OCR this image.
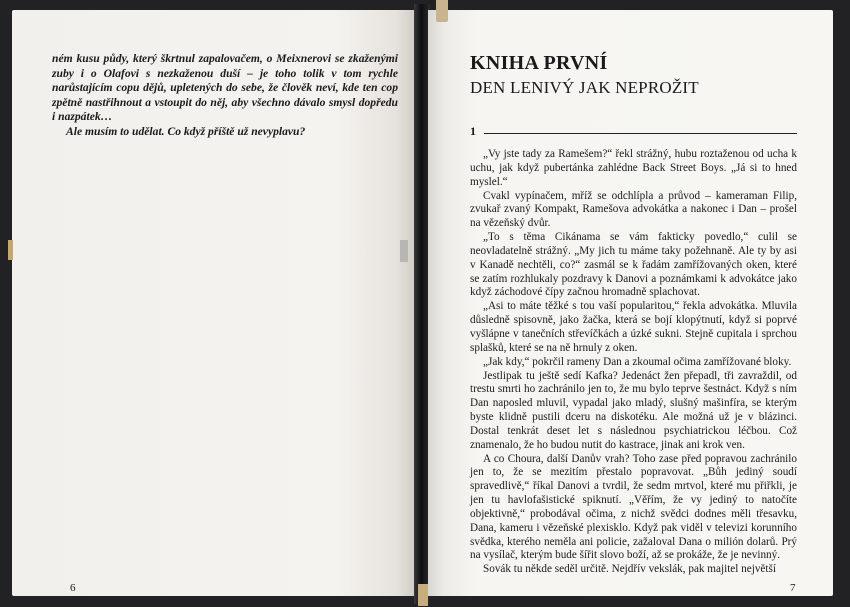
ném kusu půdy, který škrtnul zapalovačem, o Meixnerovi se zkaženými zuby i o Olafovi s nezkaženou duší – je toho tolik v tom rychle narůstajícím copu dějů, upletených do sebe, že člověk neví, kde ten cop zpětně nastřihnout a vstoupit do něj, aby všechno dávalo smysl dopředu i nazpátek…

Ale musím to udělat. Co když příště už nevyplavu?

6
KNIHA PRVNÍ
DEN LENIVÝ JAK NEPROŽIT
1

„Vy jste tady za Ramešem?“ řekl strážný, hubu roztaženou od ucha k uchu, jak když pubertánka zahlédne Back Street Boys. „Já si to hned myslel.“

Cvakl vypínačem, mříž se odchlípla a průvod – kameraman Filip, zvukař zvaný Kompakt, Ramešova advokátka a nakonec i Dan – prošel na vězeňský dvůr.

„To s těma Cikánama se vám fakticky povedlo,“ culil se neovladatelně strážný. „My jich tu máme taky požehnaně. Ale ty by asi v Kanadě nechtěli, co?“ zasmál se k řadám zamřížovaných oken, které se zatím rozhlukaly pozdravy k Danovi a poznámkami k advokátce jako když záchodové čípy začnou hromadně splachovat.

„Asi to máte těžké s tou vaší popularitou,“ řekla advokátka. Mluvila důsledně spisovně, jako žačka, která se bojí klopýtnutí, když si poprvé vyšlápne v tanečních střevíčkách a úzké sukni. Stejně cupitala i sprchou splašků, které se na ně hrnuly z oken.

„Jak kdy,“ pokrčil rameny Dan a zkoumal očima zamřížované bloky.

Jestlipak tu ještě sedí Kafka? Jedenáct žen přepadl, tři zavraždil, od trestu smrti ho zachránilo jen to, že mu bylo teprve šestnáct. Když s ním Dan naposled mluvil, vypadal jako mladý, slušný mašinfíra, se kterým byste klidně pustili dceru na diskotéku. Ale možná už je v blázinci. Dostal tenkrát deset let s následnou psychiatrickou léčbou. Což znamenalo, že ho budou nutit do kastrace, jinak ani krok ven.

A co Choura, další Danův vrah? Toho zase před popravou zachránilo jen to, že se mezitím přestalo popravovat. „Bůh jediný soudí spravedlivě,“ říkal Danovi a tvrdil, že sedm mrtvol, které mu přiřkli, je jen tu havlofašistické spiknutí. „Věřím, že vy jediný to natočíte objektivně,“ probodával očima, z nichž svědci dodnes měli třesavku, Dana, kameru i vězeňské plexisklo. Když pak viděl v televizi korunního svědka, kterého neměla ani policie, zažaloval Dana o milión dolarů. Prý na vysílač, kterým bude šířit slovo boží, až se prokáže, že je nevinný.

Sovák tu někde seděl určitě. Nejdřív vekslák, pak majitel největší

7
